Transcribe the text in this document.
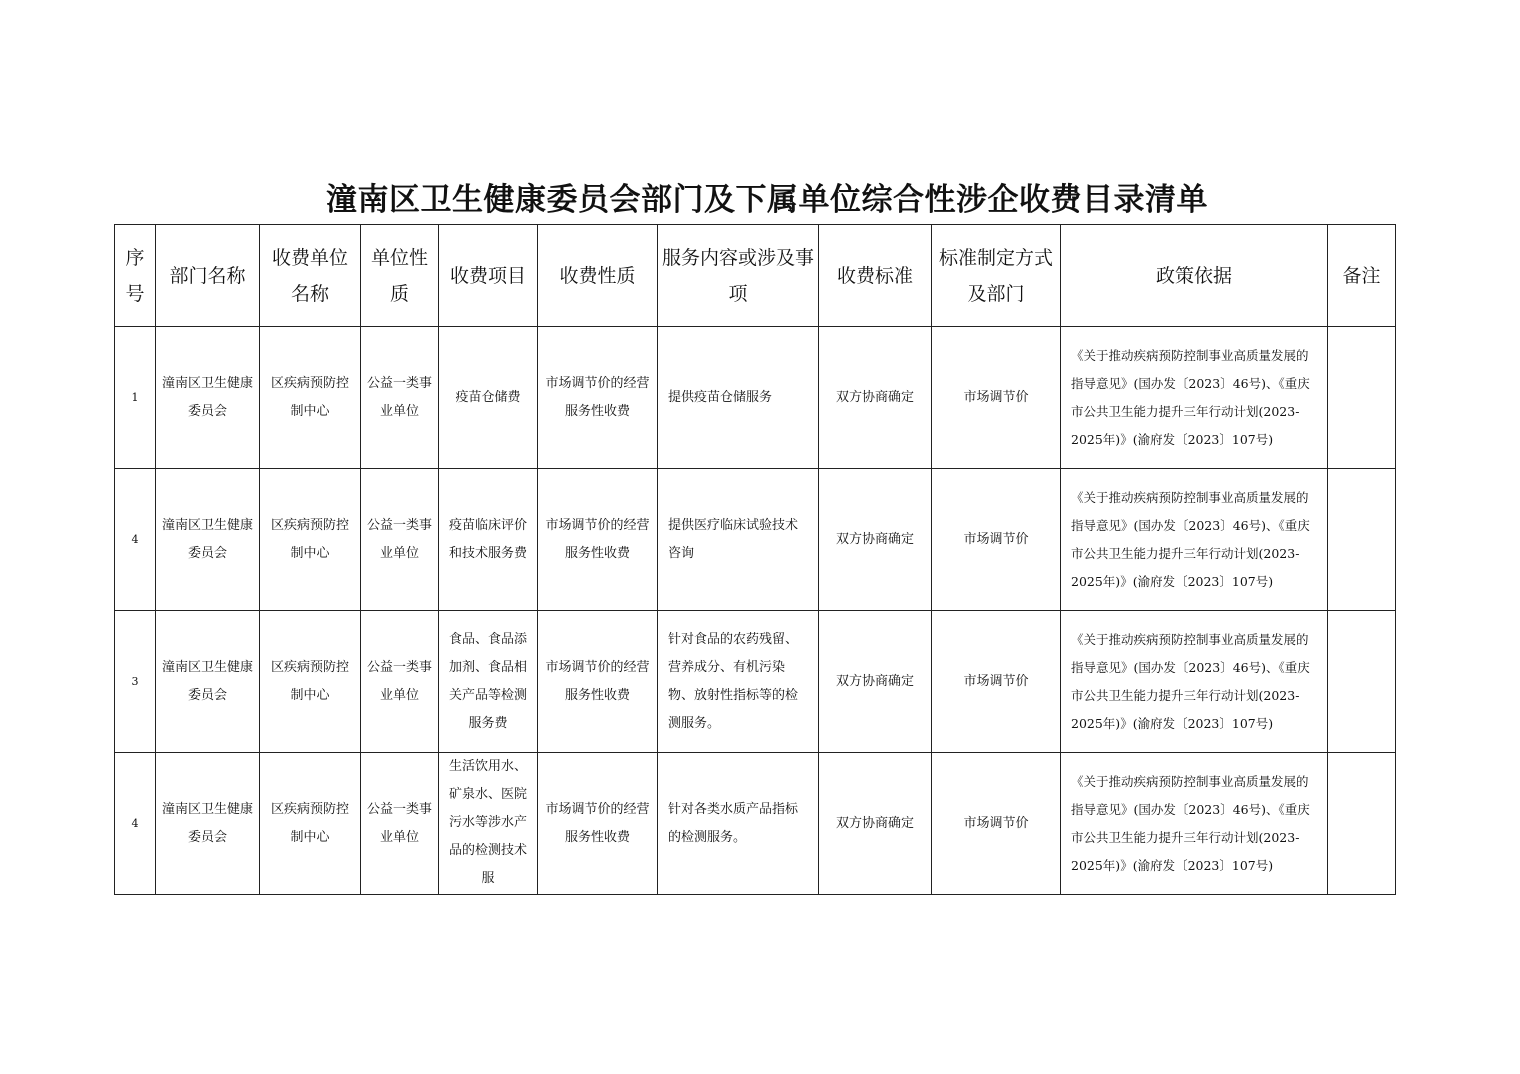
潼南区卫生健康委员会部门及下属单位综合性涉企收费目录清单
序号	部门名称	收费单位名称	单位性质	收费项目	收费性质	服务内容或涉及事项	收费标准	标准制定方式及部门	政策依据	备注
1	潼南区卫生健康委员会	区疾病预防控制中心	公益一类事业单位	疫苗仓储费	市场调节价的经营服务性收费	提供疫苗仓储服务	双方协商确定	市场调节价	《关于推动疾病预防控制事业高质量发展的指导意见》(国办发〔2023〕46号)、《重庆市公共卫生能力提升三年行动计划(2023-2025年)》(渝府发〔2023〕107号)	
4	潼南区卫生健康委员会	区疾病预防控制中心	公益一类事业单位	疫苗临床评价和技术服务费	市场调节价的经营服务性收费	提供医疗临床试验技术咨询	双方协商确定	市场调节价	《关于推动疾病预防控制事业高质量发展的指导意见》(国办发〔2023〕46号)、《重庆市公共卫生能力提升三年行动计划(2023-2025年)》(渝府发〔2023〕107号)	
3	潼南区卫生健康委员会	区疾病预防控制中心	公益一类事业单位	食品、食品添加剂、食品相关产品等检测服务费	市场调节价的经营服务性收费	针对食品的农药残留、营养成分、有机污染物、放射性指标等的检测服务。	双方协商确定	市场调节价	《关于推动疾病预防控制事业高质量发展的指导意见》(国办发〔2023〕46号)、《重庆市公共卫生能力提升三年行动计划(2023-2025年)》(渝府发〔2023〕107号)	
4	潼南区卫生健康委员会	区疾病预防控制中心	公益一类事业单位	生活饮用水、矿泉水、医院污水等涉水产品的检测技术服	市场调节价的经营服务性收费	针对各类水质产品指标的检测服务。	双方协商确定	市场调节价	《关于推动疾病预防控制事业高质量发展的指导意见》(国办发〔2023〕46号)、《重庆市公共卫生能力提升三年行动计划(2023-2025年)》(渝府发〔2023〕107号)	
